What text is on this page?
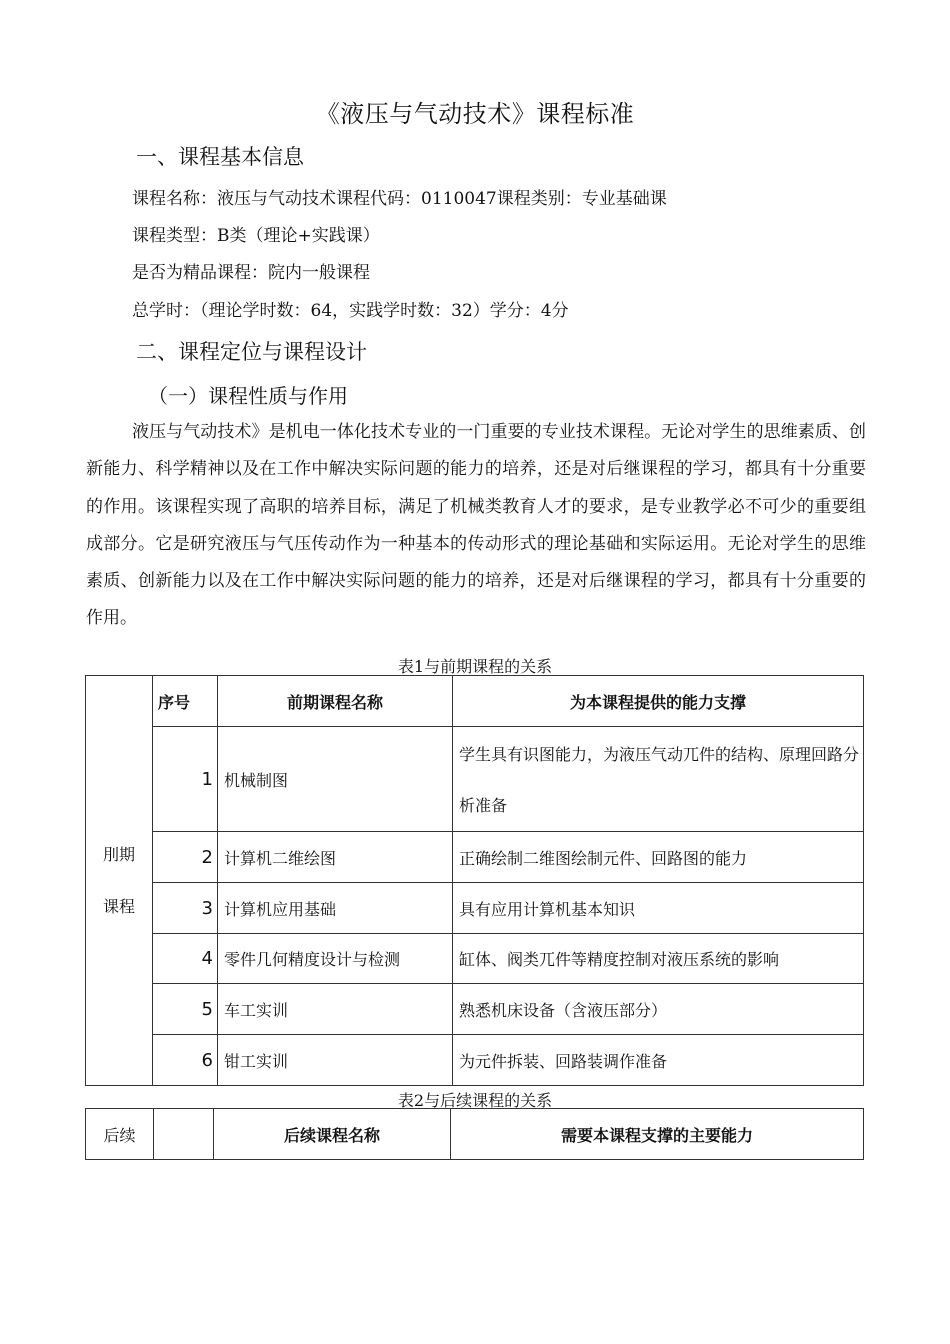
《液压与气动技术》课程标准
一、课程基本信息
课程名称：液压与气动技术课程代码：0110047课程类别：专业基础课
课程类型：B类（理论+实践课）
是否为精品课程：院内一般课程
总学时：（理论学时数：64，实践学时数：32）学分：4分
二、课程定位与课程设计
（一）课程性质与作用

液压与气动技术》是机电一体化技术专业的一门重要的专业技术课程。无论对学生的思维素质、创新能力、科学精神以及在工作中解决实际问题的能力的培养，还是对后继课程的学习，都具有十分重要的作用。该课程实现了高职的培养目标，满足了机械类教育人才的要求，是专业教学必不可少的重要组成部分。它是研究液压与气压传动作为一种基本的传动形式的理论基础和实际运用。无论对学生的思维素质、创新能力以及在工作中解决实际问题的能力的培养，还是对后继课程的学习，都具有十分重要的作用。

表1与前期课程的关系
刖期
课程	序号	前期课程名称	为本课程提供的能力支撑
	1	机械制图	学生具有识图能力，为液压气动兀件的结构、原理回路分析准备
	2	计算机二维绘图	正确绘制二维图绘制元件、回路图的能力
	3	计算机应用基础	具有应用计算机基本知识
	4	零件几何精度设计与检测	缸体、阀类兀件等精度控制对液压系统的影响
	5	车工实训	熟悉机床设备（含液压部分）
	6	钳工实训	为元件拆装、回路装调作准备
表2与后续课程的关系
后续		后续课程名称	需要本课程支撑的主要能力
